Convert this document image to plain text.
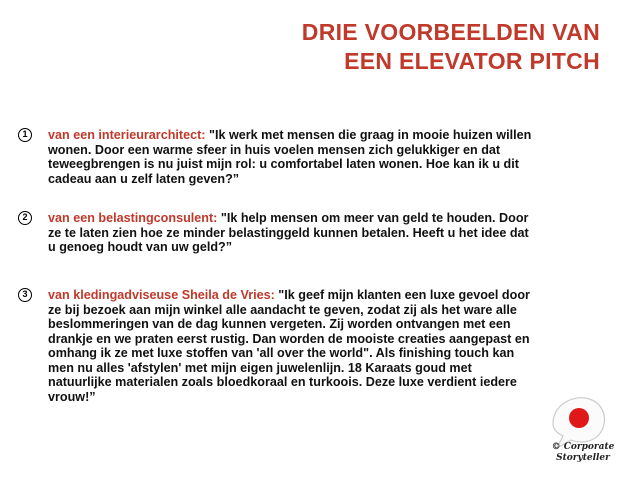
DRIE VOORBEELDEN VAN
EEN ELEVATOR PITCH
1	van een interieurarchitect: "Ik werk met mensen die graag in mooie huizen willen wonen. Door een warme sfeer in huis voelen mensen zich gelukkiger en dat teweegbrengen is nu juist mijn rol: u comfortabel laten wonen. Hoe kan ik u dit cadeau aan u zelf laten geven?”
2	van een belastingconsulent: "Ik help mensen om meer van geld te houden. Door ze te laten zien hoe ze minder belastinggeld kunnen betalen. Heeft u het idee dat u genoeg houdt van uw geld?”
3	van kledingadviseuse Sheila de Vries: "Ik geef mijn klanten een luxe gevoel door ze bij bezoek aan mijn winkel alle aandacht te geven, zodat zij als het ware alle beslommeringen van de dag kunnen vergeten. Zij worden ontvangen met een drankje en we praten eerst rustig. Dan worden de mooiste creaties aangepast en omhang ik ze met luxe stoffen van 'all over the world". Als finishing touch kan men nu alles 'afstylen' met mijn eigen juwelenlijn. 18 Karaats goud met natuurlijke materialen zoals bloedkoraal en turkoois. Deze luxe verdient iedere vrouw!”
© Corporate
Storyteller
